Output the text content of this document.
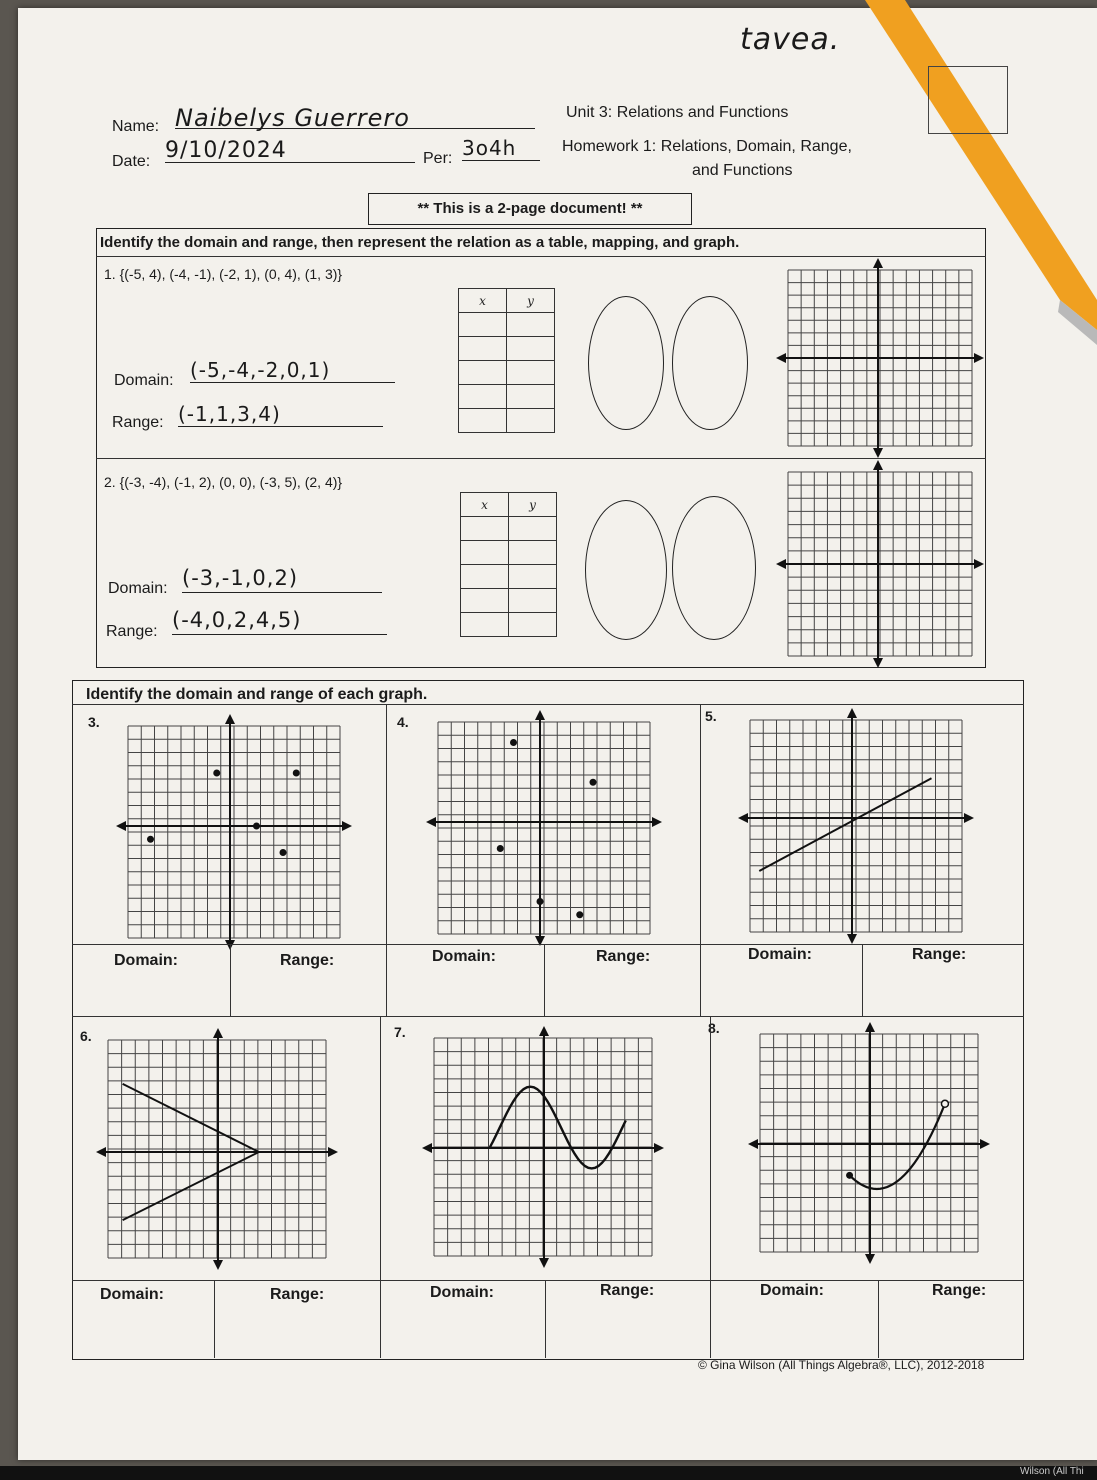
tavea.
Name: Naibelys Guerrero
Date: 9/10/2024	Per: 3o4h
Unit 3: Relations and Functions
Homework 1: Relations, Domain, Range,
and Functions
** This is a 2-page document! **
Identify the domain and range, then represent the relation as a table, mapping, and graph.
1. {(-5, 4), (-4, -1), (-2, 1), (0, 4), (1, 3)}
Domain: (-5,-4,-2,0,1)
Range: (-1,1,3,4)
x	y

2. {(-3, -4), (-1, 2), (0, 0), (-3, 5), (2, 4)}
Domain: (-3,-1,0,2)
Range: (-4,0,2,4,5)
x	y

Identify the domain and range of each graph.
3.	4.	5.
Domain:	Range:	Domain:	Range:	Domain:	Range:
6.	7.	8.
Domain:	Range:	Domain:	Range:	Domain:	Range:
© Gina Wilson (All Things Algebra®, LLC), 2012-2018
Wilson (All Thi
